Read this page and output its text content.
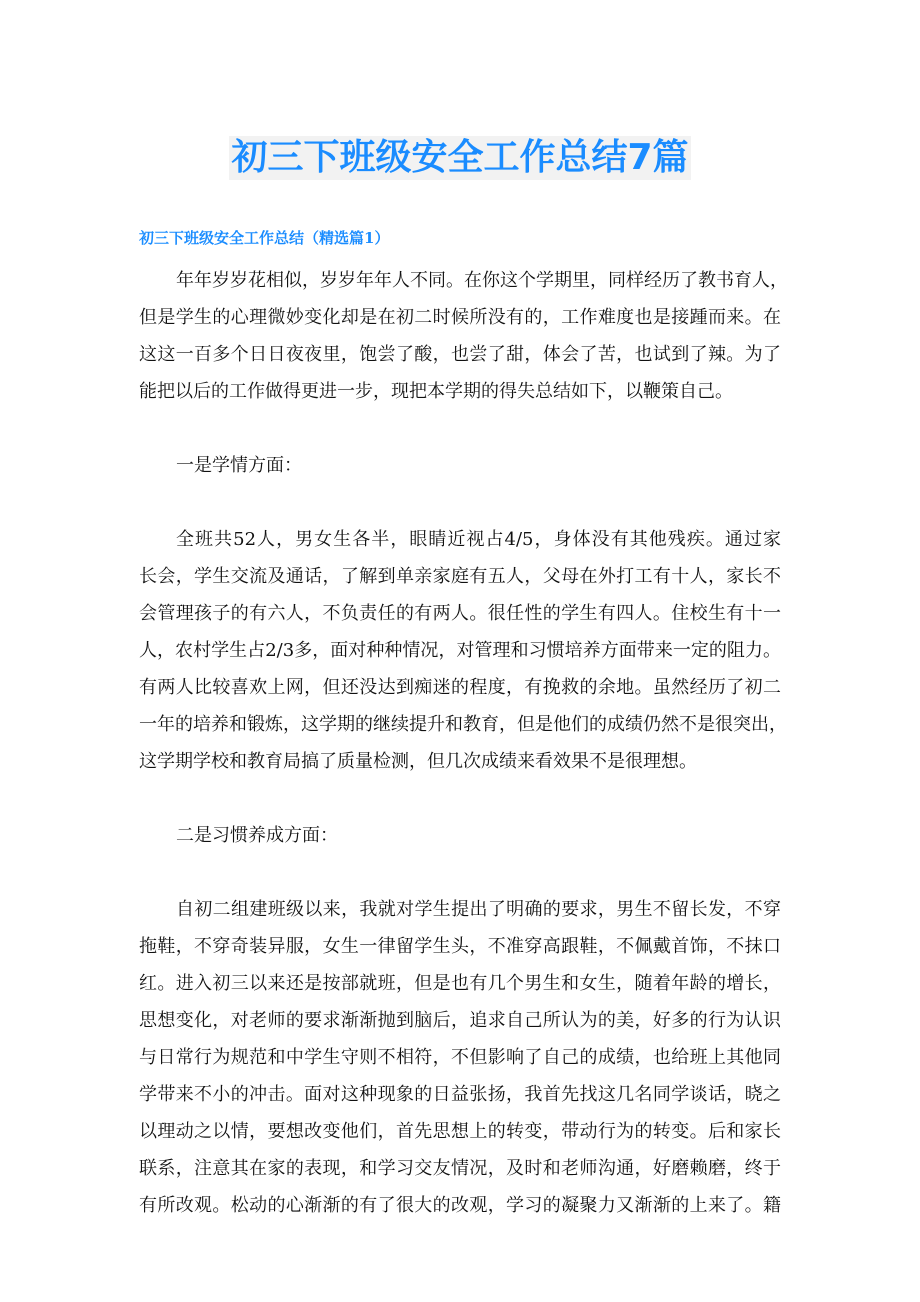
初三下班级安全工作总结7篇
初三下班级安全工作总结（精选篇1）
年年岁岁花相似，岁岁年年人不同。在你这个学期里，同样经历了教书育人，
但是学生的心理微妙变化却是在初二时候所没有的，工作难度也是接踵而来。在
这这一百多个日日夜夜里，饱尝了酸，也尝了甜，体会了苦，也试到了辣。为了
能把以后的工作做得更进一步，现把本学期的得失总结如下，以鞭策自己。
一是学情方面：
全班共52人，男女生各半，眼睛近视占4/5，身体没有其他残疾。通过家
长会，学生交流及通话，了解到单亲家庭有五人，父母在外打工有十人，家长不
会管理孩子的有六人，不负责任的有两人。很任性的学生有四人。住校生有十一
人，农村学生占2/3多，面对种种情况，对管理和习惯培养方面带来一定的阻力。
有两人比较喜欢上网，但还没达到痴迷的程度，有挽救的余地。虽然经历了初二
一年的培养和锻炼，这学期的继续提升和教育，但是他们的成绩仍然不是很突出，
这学期学校和教育局搞了质量检测，但几次成绩来看效果不是很理想。
二是习惯养成方面：
自初二组建班级以来，我就对学生提出了明确的要求，男生不留长发，不穿
拖鞋，不穿奇装异服，女生一律留学生头，不准穿高跟鞋，不佩戴首饰，不抹口
红。进入初三以来还是按部就班，但是也有几个男生和女生，随着年龄的增长，
思想变化，对老师的要求渐渐抛到脑后，追求自己所认为的美，好多的行为认识
与日常行为规范和中学生守则不相符，不但影响了自己的成绩，也给班上其他同
学带来不小的冲击。面对这种现象的日益张扬，我首先找这几名同学谈话，晓之
以理动之以情，要想改变他们，首先思想上的转变，带动行为的转变。后和家长
联系，注意其在家的表现，和学习交友情况，及时和老师沟通，好磨赖磨，终于
有所改观。松动的心渐渐的有了很大的改观，学习的凝聚力又渐渐的上来了。籍
